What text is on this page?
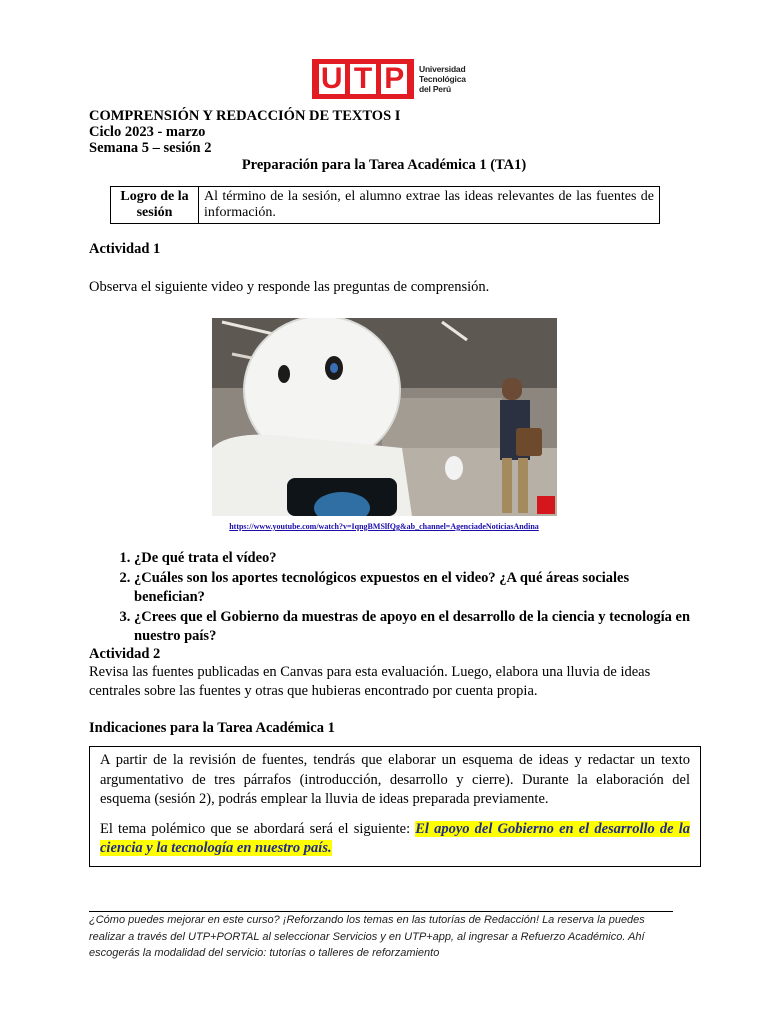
U T P	Universidad
Tecnológica
del Perú
COMPRENSIÓN Y REDACCIÓN DE TEXTOS I
Ciclo 2023 - marzo
Semana 5 – sesión 2
Preparación para la Tarea Académica 1 (TA1)
Logro de la sesión	Al término de la sesión, el alumno extrae las ideas relevantes de las fuentes de información.
Actividad 1
Observa el siguiente video y responde las preguntas de comprensión.
https://www.youtube.com/watch?v=IqngBMSlfQg&ab_channel=AgenciadeNoticiasAndina
1. ¿De qué trata el vídeo?
2. ¿Cuáles son los aportes tecnológicos expuestos en el video? ¿A qué áreas sociales benefician?
3. ¿Crees que el Gobierno da muestras de apoyo en el desarrollo de la ciencia y tecnología en nuestro país?
Actividad 2
Revisa las fuentes publicadas en Canvas para esta evaluación. Luego, elabora una lluvia de ideas centrales sobre las fuentes y otras que hubieras encontrado por cuenta propia.
Indicaciones para la Tarea Académica 1

A partir de la revisión de fuentes, tendrás que elaborar un esquema de ideas y redactar un texto argumentativo de tres párrafos (introducción, desarrollo y cierre). Durante la elaboración del esquema (sesión 2), podrás emplear la lluvia de ideas preparada previamente.

El tema polémico que se abordará será el siguiente: El apoyo del Gobierno en el desarrollo de la ciencia y la tecnología en nuestro país.

¿Cómo puedes mejorar en este curso? ¡Reforzando los temas en las tutorías de Redacción! La reserva la puedes realizar a través del UTP+PORTAL al seleccionar Servicios y en UTP+app, al ingresar a Refuerzo Académico. Ahí escogerás la modalidad del servicio: tutorías o talleres de reforzamiento
